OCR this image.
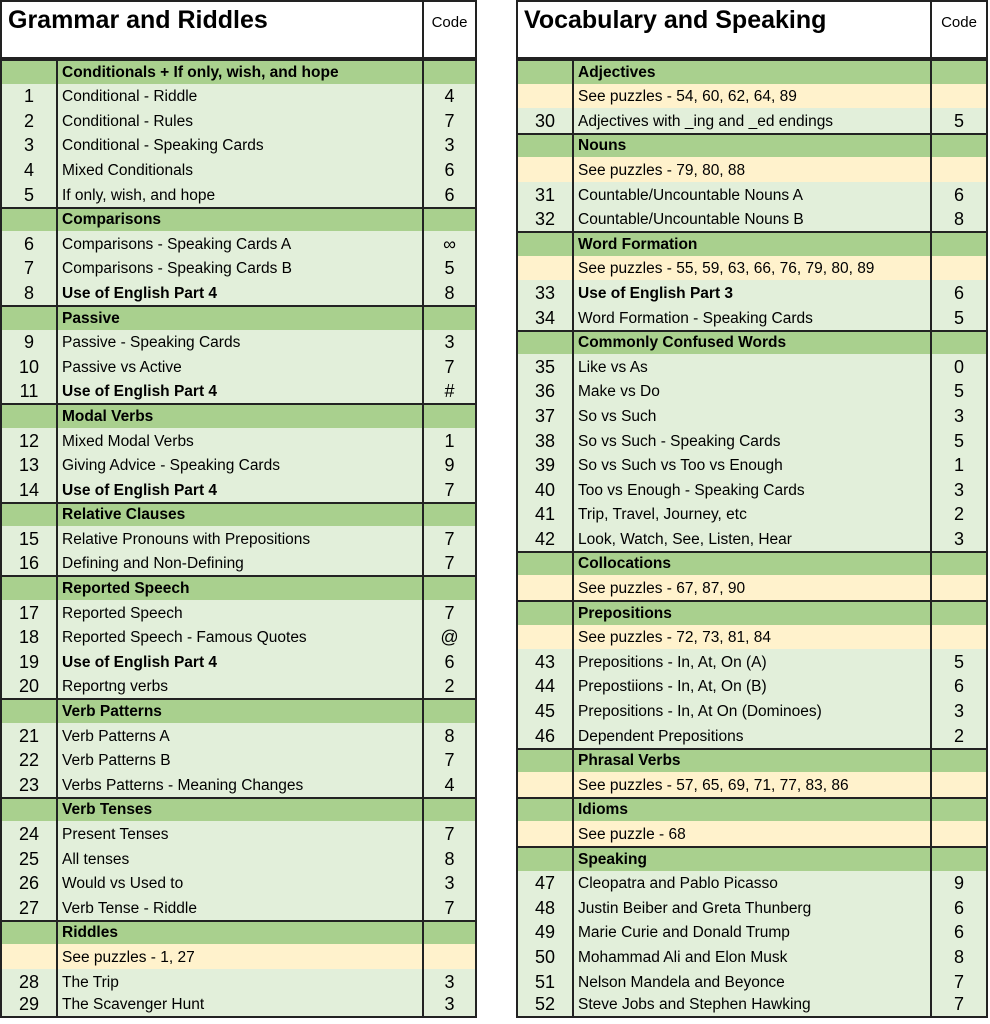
Grammar and Riddles	Code
Conditionals + If only, wish, and hope
1	Conditional - Riddle	4
2	Conditional - Rules	7
3	Conditional - Speaking Cards	3
4	Mixed Conditionals	6
5	If only, wish, and hope	6
Comparisons
6	Comparisons - Speaking Cards A	∞
7	Comparisons - Speaking Cards B	5
8	Use of English Part 4	8
Passive
9	Passive - Speaking Cards	3
10	Passive vs Active	7
11	Use of English Part 4	#
Modal Verbs
12	Mixed Modal Verbs	1
13	Giving Advice - Speaking Cards	9
14	Use of English Part 4	7
Relative Clauses
15	Relative Pronouns with Prepositions	7
16	Defining and Non-Defining	7
Reported Speech
17	Reported Speech	7
18	Reported Speech - Famous Quotes	@
19	Use of English Part 4	6
20	Reportng verbs	2
Verb Patterns
21	Verb Patterns A	8
22	Verb Patterns B	7
23	Verbs Patterns - Meaning Changes	4
Verb Tenses
24	Present Tenses	7
25	All tenses	8
26	Would vs Used to	3
27	Verb Tense - Riddle	7
Riddles
See puzzles - 1, 27
28	The Trip	3
29	The Scavenger Hunt	3
Vocabulary and Speaking	Code
Adjectives
See puzzles - 54, 60, 62, 64, 89
30	Adjectives with _ing and _ed endings	5
Nouns
See puzzles - 79, 80, 88
31	Countable/Uncountable Nouns A	6
32	Countable/Uncountable Nouns B	8
Word Formation
See puzzles - 55, 59, 63, 66, 76, 79, 80, 89
33	Use of English Part 3	6
34	Word Formation - Speaking Cards	5
Commonly Confused Words
35	Like vs As	0
36	Make vs Do	5
37	So vs Such	3
38	So vs Such - Speaking Cards	5
39	So vs Such vs Too vs Enough	1
40	Too vs Enough - Speaking Cards	3
41	Trip, Travel, Journey, etc	2
42	Look, Watch, See, Listen, Hear	3
Collocations
See puzzles - 67, 87, 90
Prepositions
See puzzles - 72, 73, 81, 84
43	Prepositions - In, At, On (A)	5
44	Prepostiions - In, At, On (B)	6
45	Prepositions - In, At On (Dominoes)	3
46	Dependent Prepositions	2
Phrasal Verbs
See puzzles - 57, 65, 69, 71, 77, 83, 86
Idioms
See puzzle - 68
Speaking
47	Cleopatra and Pablo Picasso	9
48	Justin Beiber and Greta Thunberg	6
49	Marie Curie and Donald Trump	6
50	Mohammad Ali and Elon Musk	8
51	Nelson Mandela and Beyonce	7
52	Steve Jobs and Stephen Hawking	7
